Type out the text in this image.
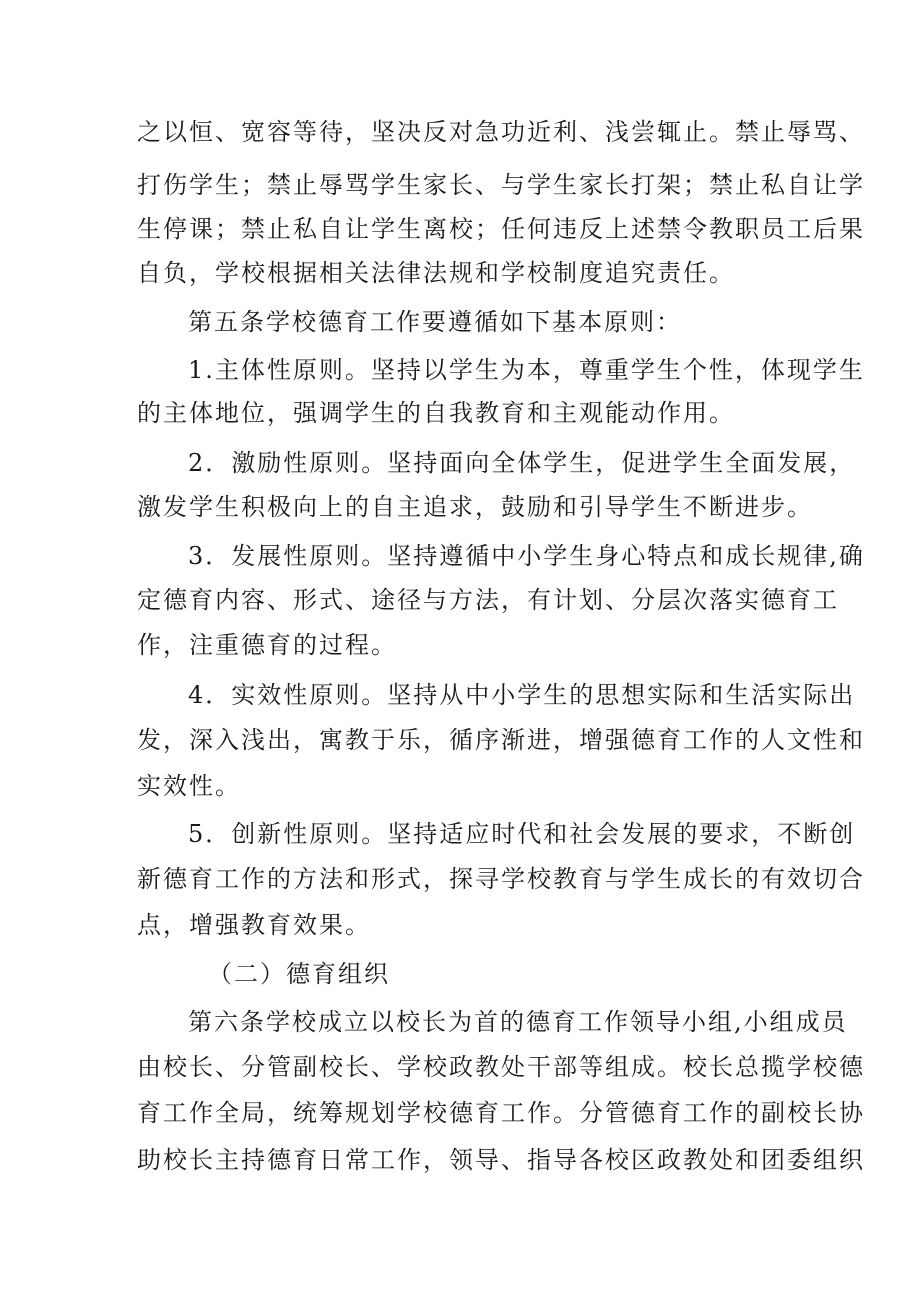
之以恒、宽容等待，坚决反对急功近利、浅尝辄止。禁止辱骂、
打伤学生；禁止辱骂学生家长、与学生家长打架；禁止私自让学
生停课；禁止私自让学生离校；任何违反上述禁令教职员工后果
自负，学校根据相关法律法规和学校制度追究责任。
第五条学校德育工作要遵循如下基本原则：
1.主体性原则。坚持以学生为本，尊重学生个性，体现学生
的主体地位，强调学生的自我教育和主观能动作用。
2．激励性原则。坚持面向全体学生，促进学生全面发展，
激发学生积极向上的自主追求，鼓励和引导学生不断进步。
3．发展性原则。坚持遵循中小学生身心特点和成长规律,确
定德育内容、形式、途径与方法，有计划、分层次落实德育工
作，注重德育的过程。
4．实效性原则。坚持从中小学生的思想实际和生活实际出
发，深入浅出，寓教于乐，循序渐进，增强德育工作的人文性和
实效性。
5．创新性原则。坚持适应时代和社会发展的要求，不断创
新德育工作的方法和形式，探寻学校教育与学生成长的有效切合
点，增强教育效果。
（二）德育组织
第六条学校成立以校长为首的德育工作领导小组,小组成员
由校长、分管副校长、学校政教处干部等组成。校长总揽学校德
育工作全局，统筹规划学校德育工作。分管德育工作的副校长协
助校长主持德育日常工作，领导、指导各校区政教处和团委组织
